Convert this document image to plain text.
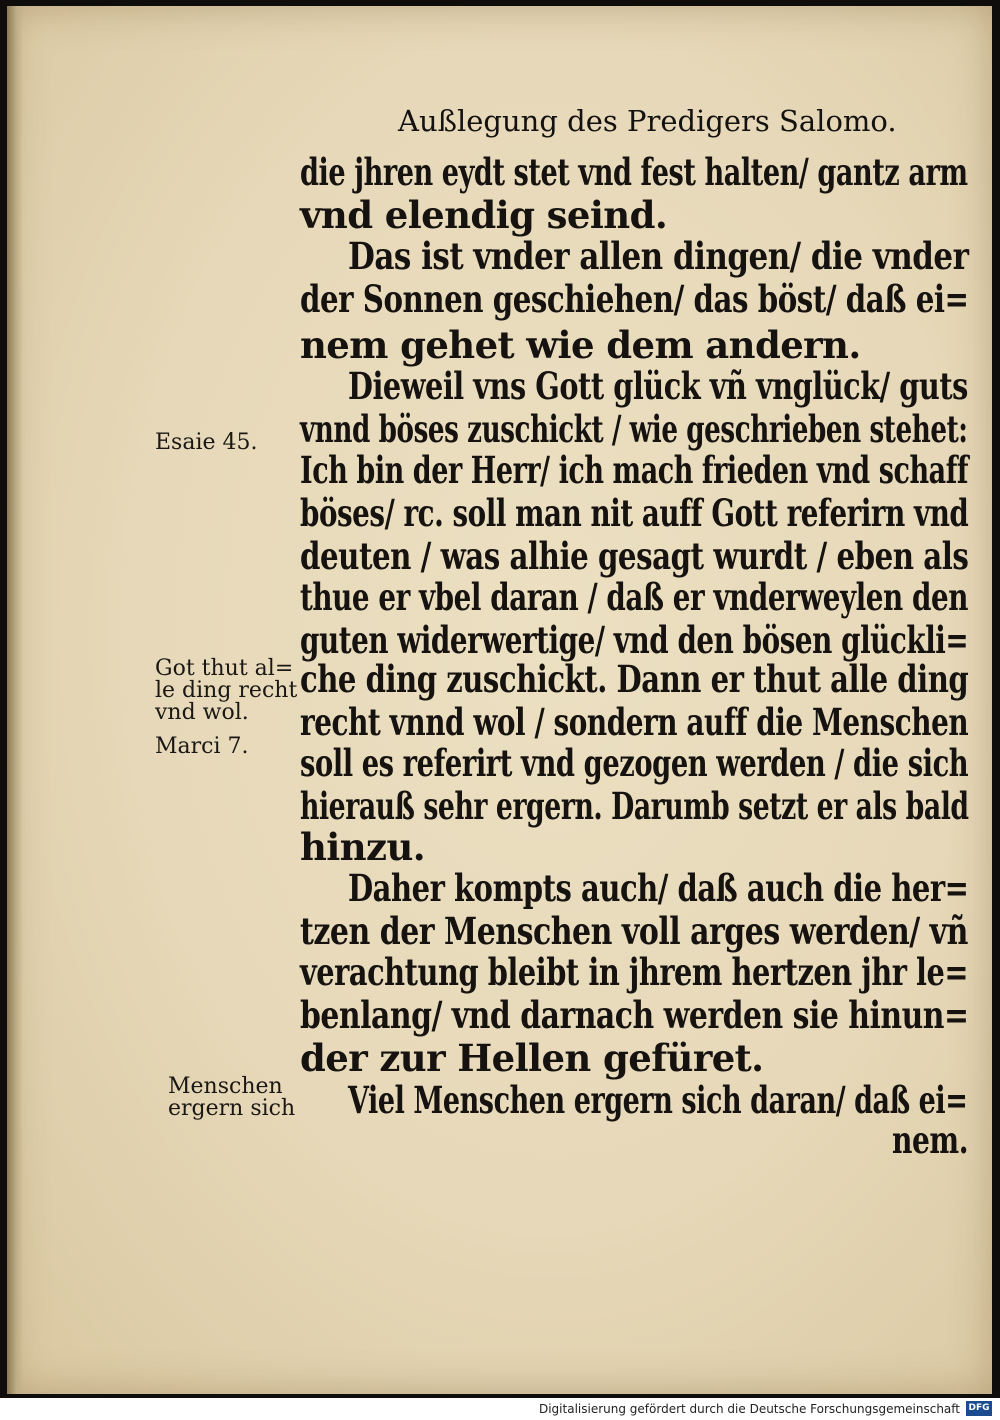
Außlegung des Predigers Salomo.
die jhren eydt stet vnd fest halten/ gantz arm
vnd elendig seind.
Das ist vnder allen dingen/ die vnder
der Sonnen geschiehen/ das böst/ daß ei=
nem gehet wie dem andern.
Dieweil vns Gott glück vñ vnglück/ guts
vnnd böses zuschickt / wie geschrieben stehet:
Ich bin der Herr/ ich mach frieden vnd schaff
böses/ rc. soll man nit auff Gott referirn vnd
deuten / was alhie gesagt wurdt / eben als
thue er vbel daran / daß er vnderweylen den
guten widerwertige/ vnd den bösen glückli=
che ding zuschickt. Dann er thut alle ding
recht vnnd wol / sondern auff die Menschen
soll es referirt vnd gezogen werden / die sich
hierauß sehr ergern. Darumb setzt er als bald
hinzu.
Daher kompts auch/ daß auch die her=
tzen der Menschen voll arges werden/ vñ
verachtung bleibt in jhrem hertzen jhr le=
benlang/ vnd darnach werden sie hinun=
der zur Hellen gefüret.
Viel Menschen ergern sich daran/ daß ei=
nem.
Esaie 45.
Got thut al=
le ding recht
vnd wol.
Marci 7.
Menschen
ergern sich
Digitalisierung gefördert durch die Deutsche Forschungsgemeinschaft DFG
